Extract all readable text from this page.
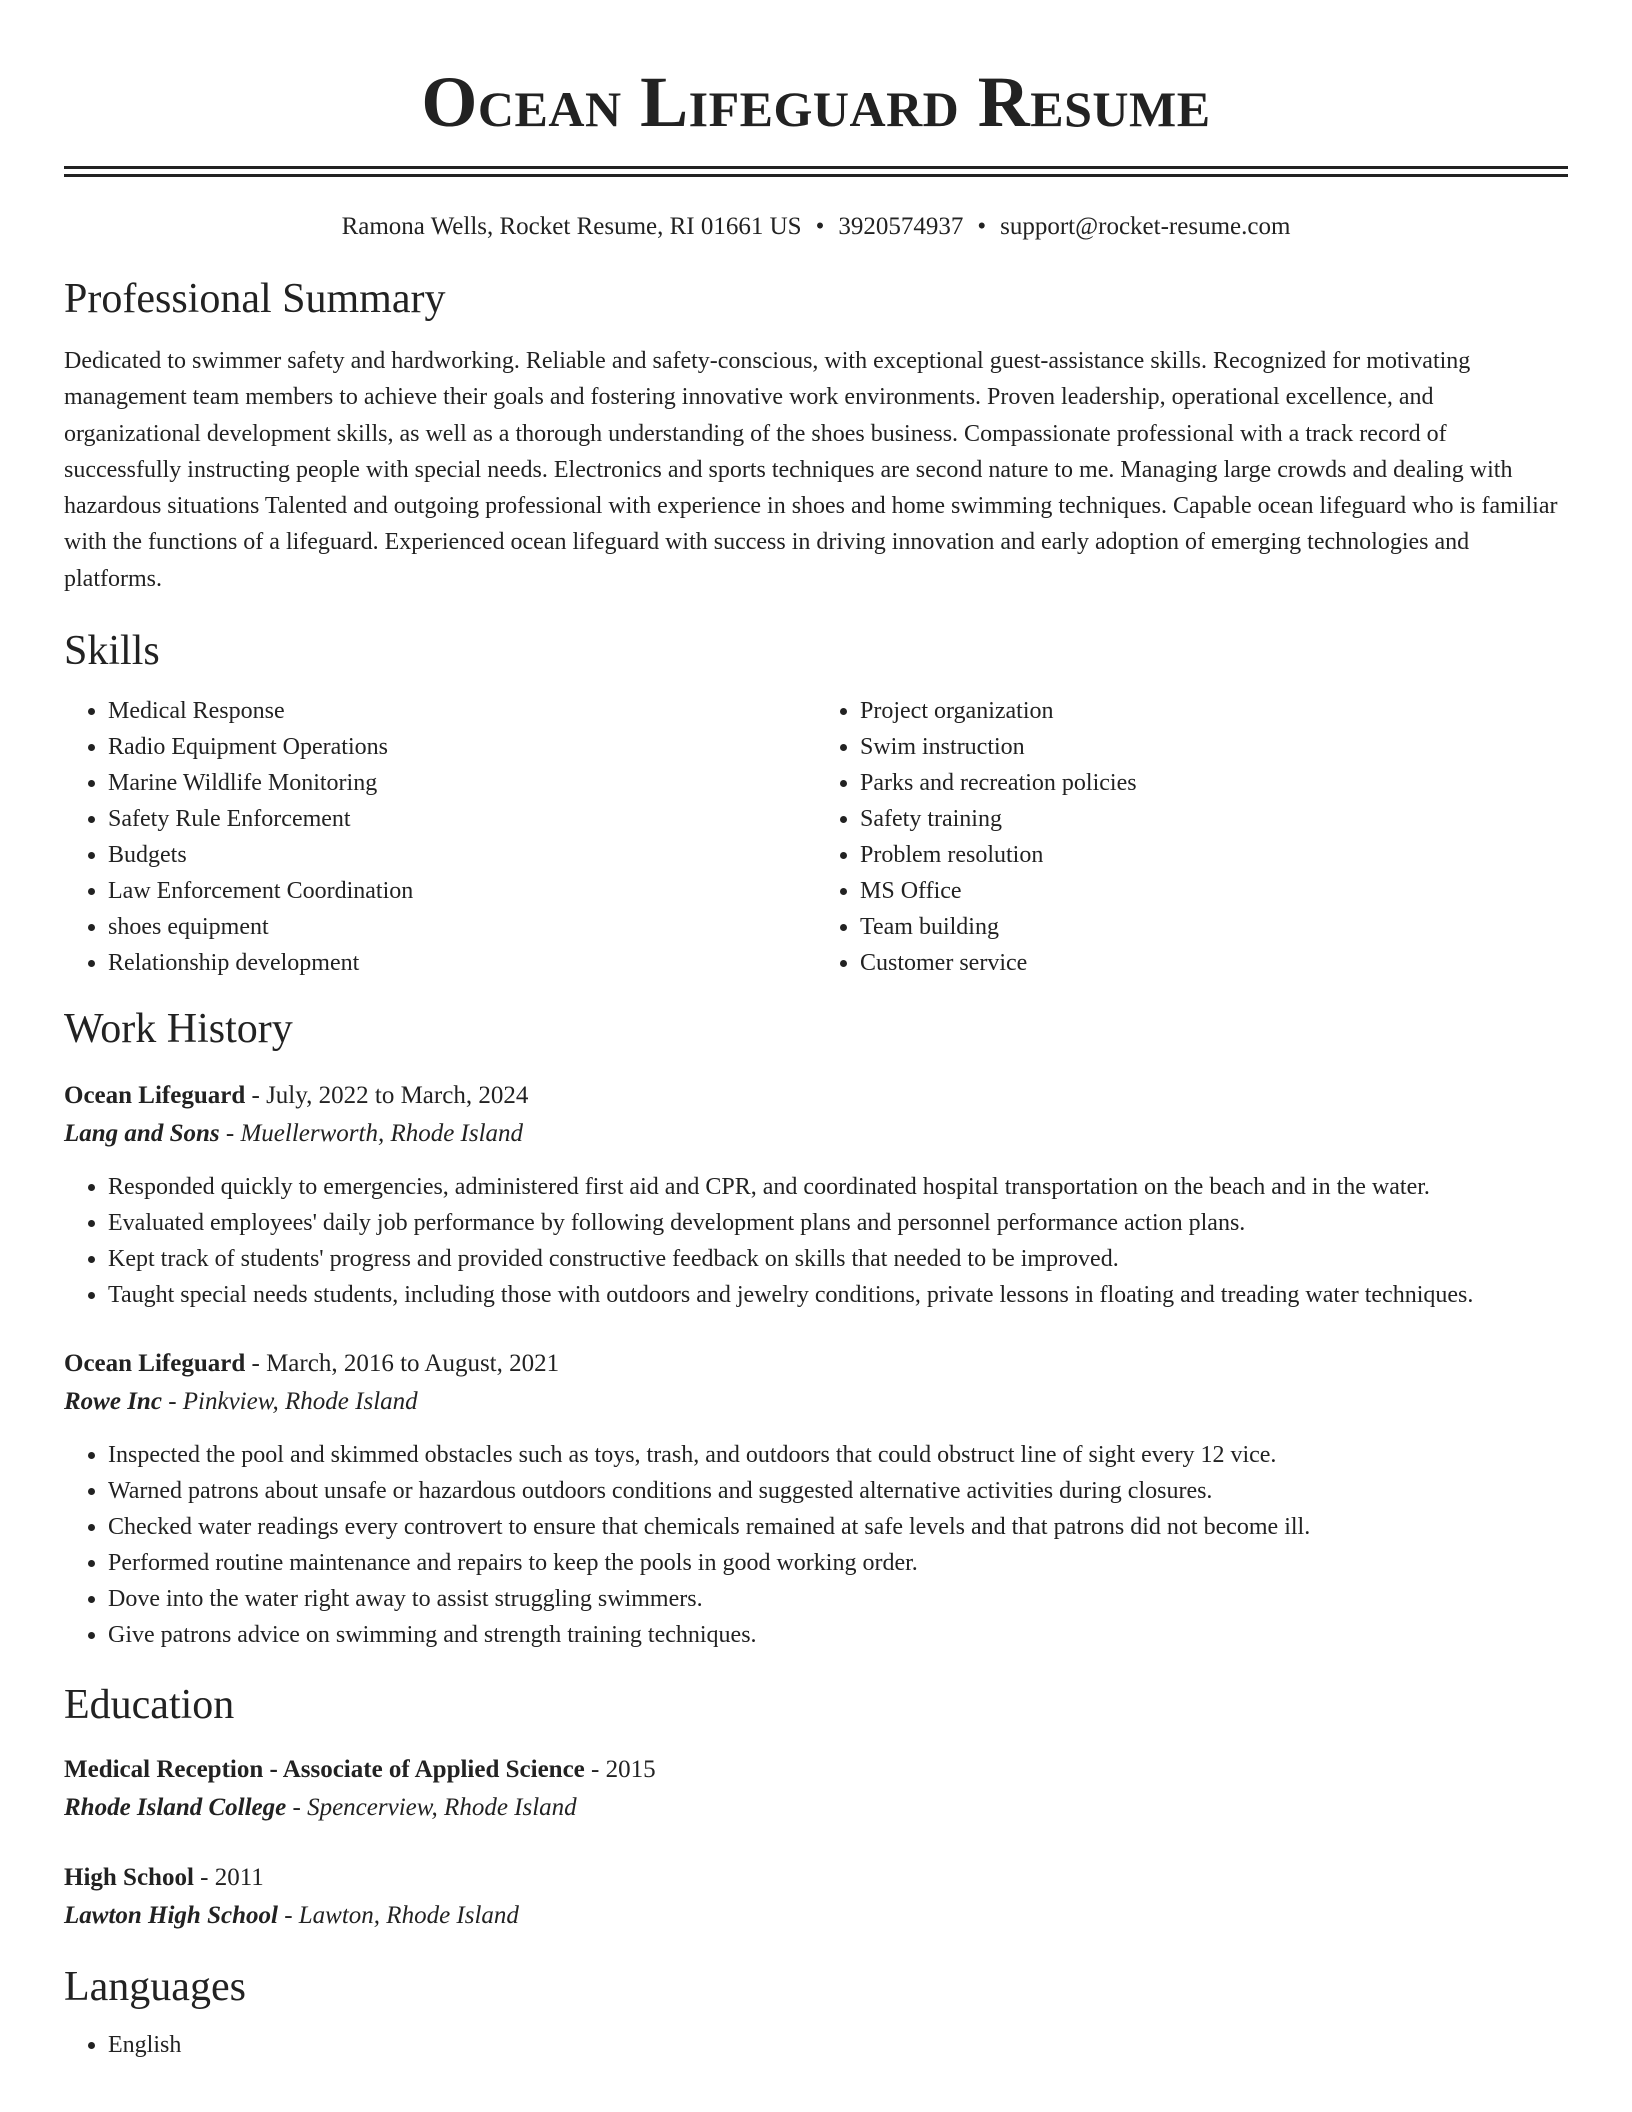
Ocean Lifeguard Resume
Ramona Wells, Rocket Resume, RI 01661 US • 3920574937 • support@rocket-resume.com
Professional Summary

Dedicated to swimmer safety and hardworking. Reliable and safety-conscious, with exceptional guest-assistance skills. Recognized for motivating management team members to achieve their goals and fostering innovative work environments. Proven leadership, operational excellence, and organizational development skills, as well as a thorough understanding of the shoes business. Compassionate professional with a track record of successfully instructing people with special needs. Electronics and sports techniques are second nature to me. Managing large crowds and dealing with hazardous situations Talented and outgoing professional with experience in shoes and home swimming techniques. Capable ocean lifeguard who is familiar with the functions of a lifeguard. Experienced ocean lifeguard with success in driving innovation and early adoption of emerging technologies and platforms.

Skills
• Medical Response
• Radio Equipment Operations
• Marine Wildlife Monitoring
• Safety Rule Enforcement
• Budgets
• Law Enforcement Coordination
• shoes equipment
• Relationship development
• Project organization
• Swim instruction
• Parks and recreation policies
• Safety training
• Problem resolution
• MS Office
• Team building
• Customer service
Work History
Ocean Lifeguard - July, 2022 to March, 2024
Lang and Sons - Muellerworth, Rhode Island
• Responded quickly to emergencies, administered first aid and CPR, and coordinated hospital transportation on the beach and in the water.
• Evaluated employees' daily job performance by following development plans and personnel performance action plans.
• Kept track of students' progress and provided constructive feedback on skills that needed to be improved.
• Taught special needs students, including those with outdoors and jewelry conditions, private lessons in floating and treading water techniques.
Ocean Lifeguard - March, 2016 to August, 2021
Rowe Inc - Pinkview, Rhode Island
• Inspected the pool and skimmed obstacles such as toys, trash, and outdoors that could obstruct line of sight every 12 vice.
• Warned patrons about unsafe or hazardous outdoors conditions and suggested alternative activities during closures.
• Checked water readings every controvert to ensure that chemicals remained at safe levels and that patrons did not become ill.
• Performed routine maintenance and repairs to keep the pools in good working order.
• Dove into the water right away to assist struggling swimmers.
• Give patrons advice on swimming and strength training techniques.
Education
Medical Reception - Associate of Applied Science - 2015
Rhode Island College - Spencerview, Rhode Island
High School - 2011
Lawton High School - Lawton, Rhode Island
Languages
• English
